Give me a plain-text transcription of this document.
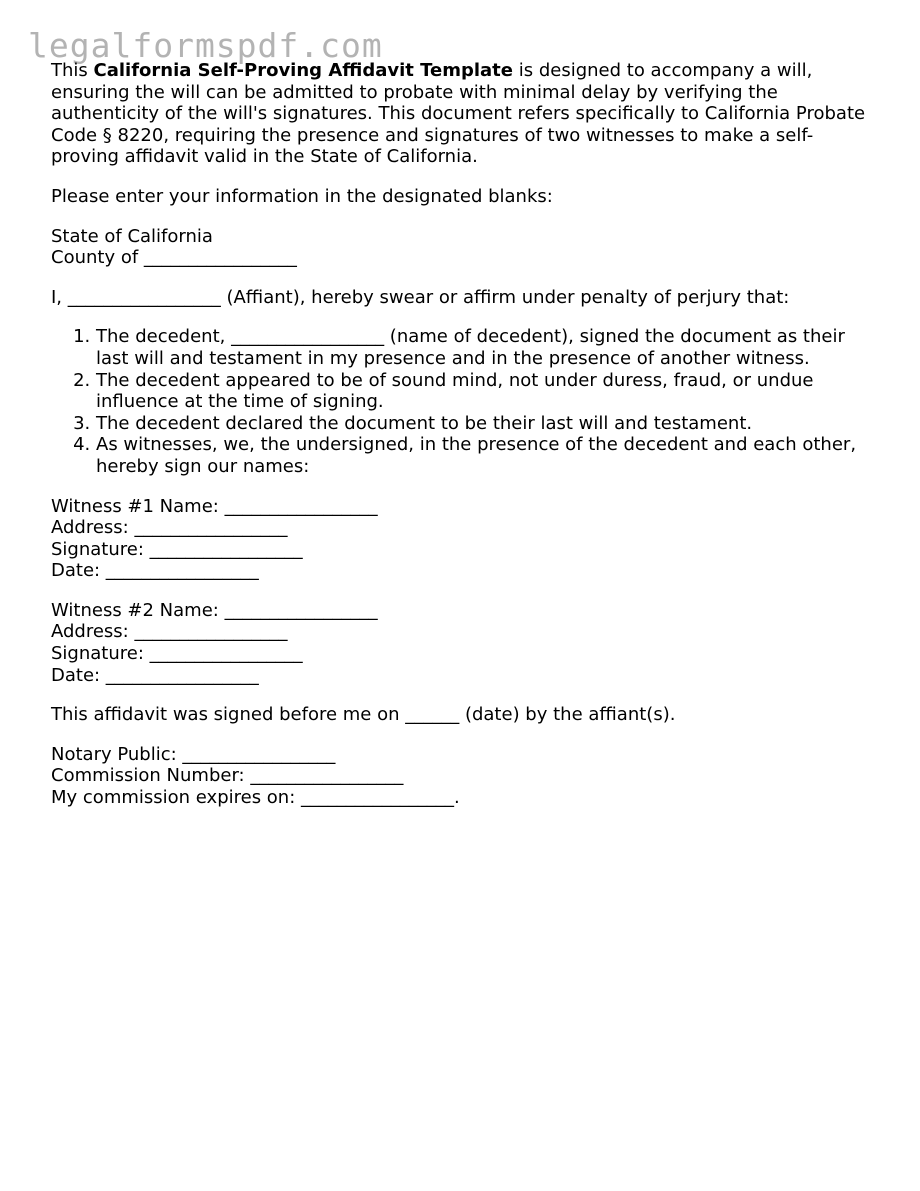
legalformspdf.com

This California Self-Proving Affidavit Template is designed to accompany a will, ensuring the will can be admitted to probate with minimal delay by verifying the authenticity of the will's signatures. This document refers specifically to California Probate Code § 8220, requiring the presence and signatures of two witnesses to make a self-proving affidavit valid in the State of California.

Please enter your information in the designated blanks:

State of California
County of _________________

I, _________________ (Affiant), hereby swear or affirm under penalty of perjury that:

1. The decedent, _________________ (name of decedent), signed the document as their last will and testament in my presence and in the presence of another witness.
2. The decedent appeared to be of sound mind, not under duress, fraud, or undue influence at the time of signing.
3. The decedent declared the document to be their last will and testament.
4. As witnesses, we, the undersigned, in the presence of the decedent and each other, hereby sign our names:
Witness #1 Name: _________________
Address: _________________
Signature: _________________
Date: _________________
Witness #2 Name: _________________
Address: _________________
Signature: _________________
Date: _________________

This affidavit was signed before me on ______ (date) by the affiant(s).

Notary Public: _________________
Commission Number: _________________
My commission expires on: _________________.
